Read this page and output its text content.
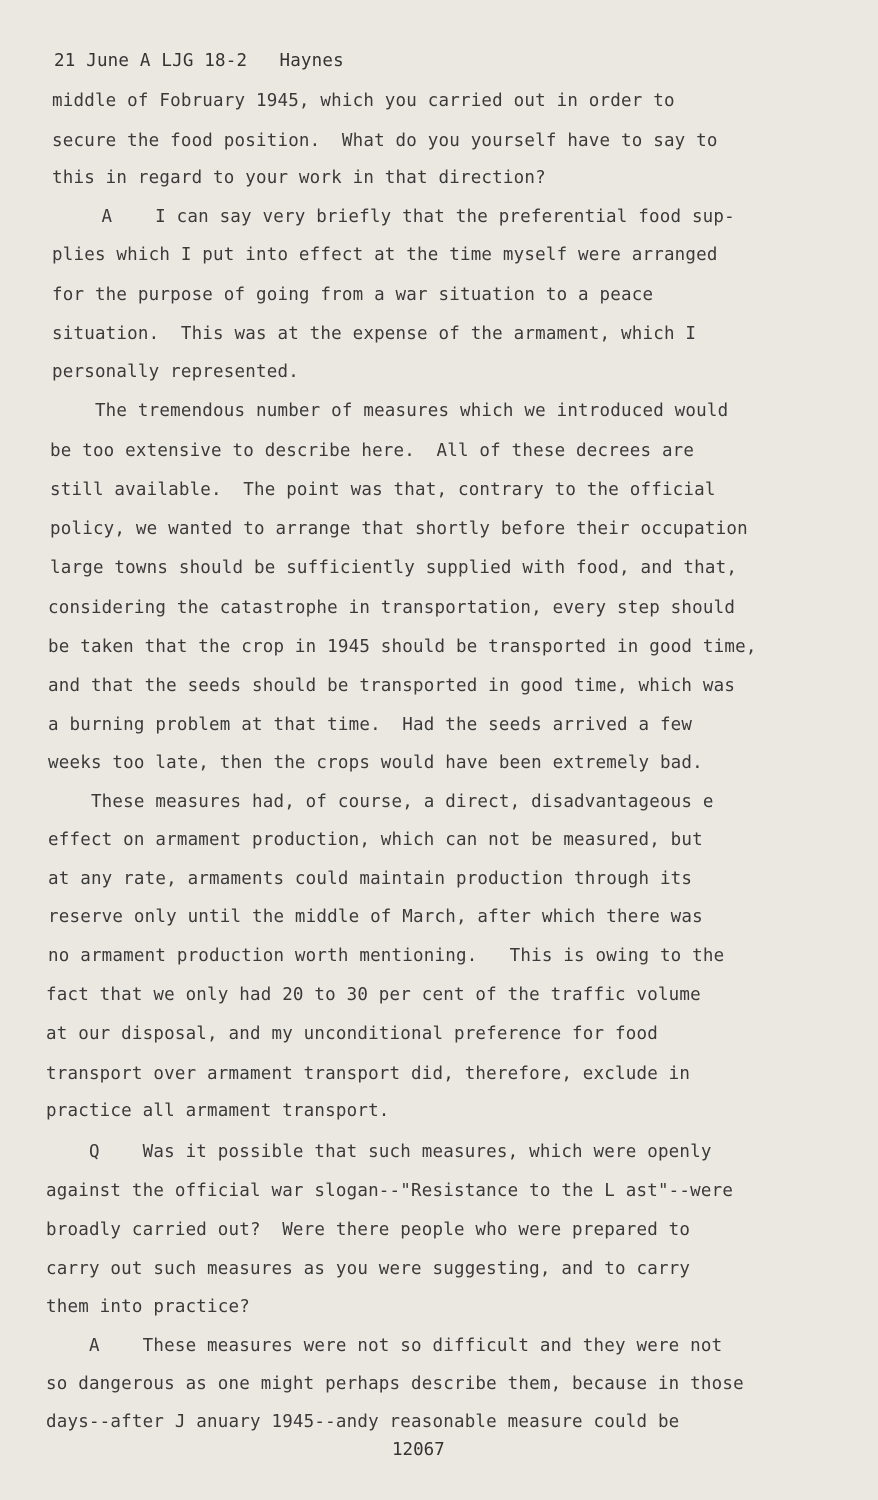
21 June A LJG 18-2   Haynes
middle of Fobruary 1945, which you carried out in order to
secure the food position.  What do you yourself have to say to
this in regard to your work in that direction?
A    I can say very briefly that the preferential food sup-
plies which I put into effect at the time myself were arranged
for the purpose of going from a war situation to a peace
situation.  This was at the expense of the armament, which I
personally represented.
The tremendous number of measures which we introduced would
be too extensive to describe here.  All of these decrees are
still available.  The point was that, contrary to the official
policy, we wanted to arrange that shortly before their occupation
large towns should be sufficiently supplied with food, and that,
considering the catastrophe in transportation, every step should
be taken that the crop in 1945 should be transported in good time,
and that the seeds should be transported in good time, which was
a burning problem at that time.  Had the seeds arrived a few
weeks too late, then the crops would have been extremely bad.
These measures had, of course, a direct, disadvantageous e
effect on armament production, which can not be measured, but
at any rate, armaments could maintain production through its
reserve only until the middle of March, after which there was
no armament production worth mentioning.   This is owing to the
fact that we only had 20 to 30 per cent of the traffic volume
at our disposal, and my unconditional preference for food
transport over armament transport did, therefore, exclude in
practice all armament transport.
Q    Was it possible that such measures, which were openly
against the official war slogan--"Resistance to the L ast"--were
broadly carried out?  Were there people who were prepared to
carry out such measures as you were suggesting, and to carry
them into practice?
A    These measures were not so difficult and they were not
so dangerous as one might perhaps describe them, because in those
days--after J anuary 1945--andy reasonable measure could be
12067
